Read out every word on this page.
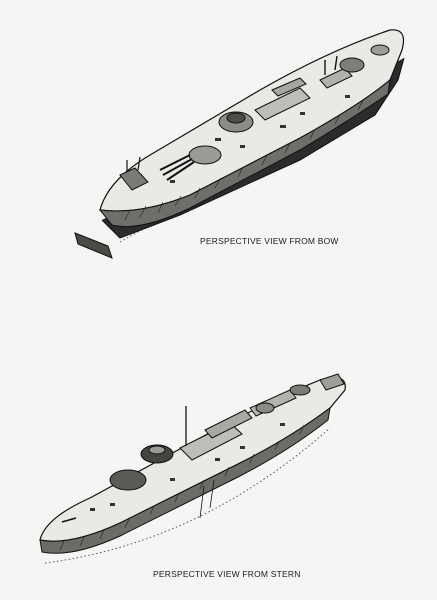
PERSPECTIVE VIEW FROM BOW
PERSPECTIVE VIEW FROM STERN
